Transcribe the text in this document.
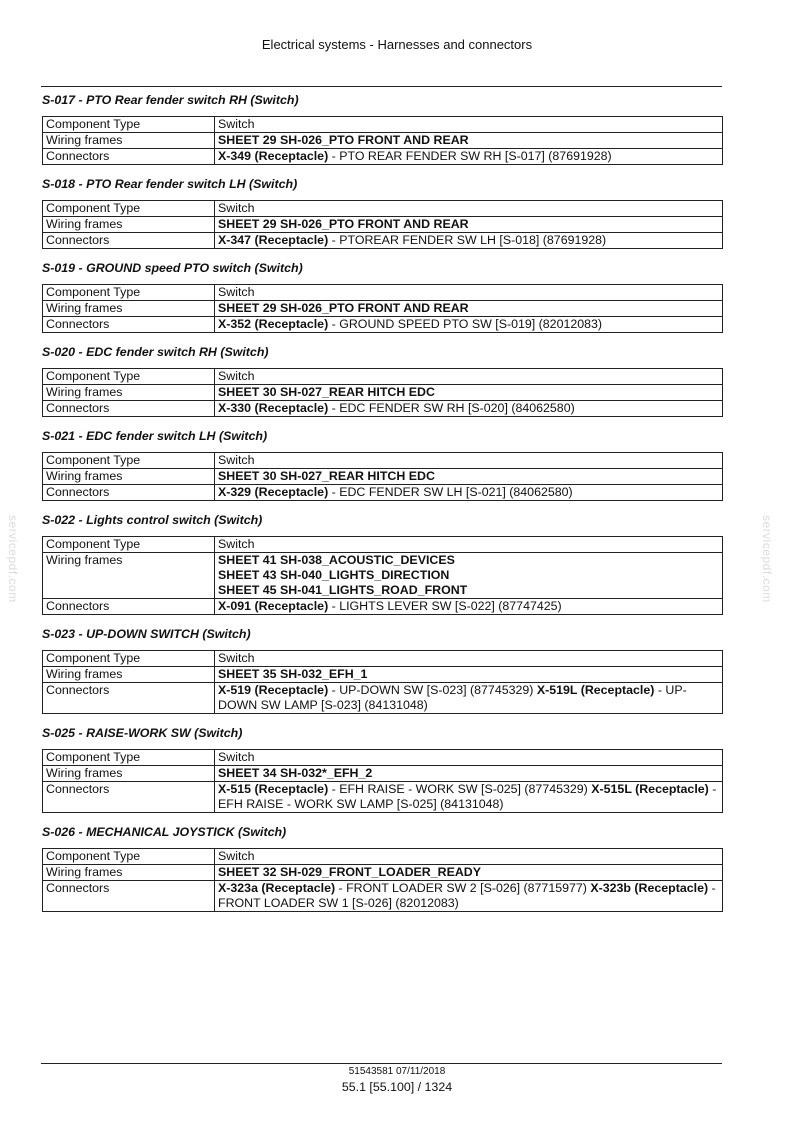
Electrical systems - Harnesses and connectors
servicepdf.com	servicepdf.com
S-017 - PTO Rear fender switch RH (Switch)
Component Type	Switch
Wiring frames	SHEET 29 SH-026_PTO FRONT AND REAR

Connectors	X-349 (Receptacle) - PTO REAR FENDER SW RH [S-017] (87691928)
S-018 - PTO Rear fender switch LH (Switch)
Component Type	Switch
Wiring frames	SHEET 29 SH-026_PTO FRONT AND REAR

Connectors	X-347 (Receptacle) - PTOREAR FENDER SW LH [S-018] (87691928)
S-019 - GROUND speed PTO switch (Switch)
Component Type	Switch
Wiring frames	SHEET 29 SH-026_PTO FRONT AND REAR

Connectors	X-352 (Receptacle) - GROUND SPEED PTO SW [S-019] (82012083)
S-020 - EDC fender switch RH (Switch)
Component Type	Switch
Wiring frames	SHEET 30 SH-027_REAR HITCH EDC

Connectors	X-330 (Receptacle) - EDC FENDER SW RH [S-020] (84062580)
S-021 - EDC fender switch LH (Switch)
Component Type	Switch
Wiring frames	SHEET 30 SH-027_REAR HITCH EDC

Connectors	X-329 (Receptacle) - EDC FENDER SW LH [S-021] (84062580)
S-022 - Lights control switch (Switch)
Component Type	Switch
Wiring frames	SHEET 41 SH-038_ACOUSTIC_DEVICES
SHEET 43 SH-040_LIGHTS_DIRECTION
SHEET 45 SH-041_LIGHTS_ROAD_FRONT

Connectors	X-091 (Receptacle) - LIGHTS LEVER SW [S-022] (87747425)
S-023 - UP-DOWN SWITCH (Switch)
Component Type	Switch
Wiring frames	SHEET 35 SH-032_EFH_1

Connectors	X-519 (Receptacle) - UP-DOWN SW [S-023] (87745329) X-519L (Receptacle) - UP-DOWN SW LAMP [S-023] (84131048)
S-025 - RAISE-WORK SW (Switch)
Component Type	Switch
Wiring frames	SHEET 34 SH-032*_EFH_2

Connectors	X-515 (Receptacle) - EFH RAISE - WORK SW [S-025] (87745329) X-515L (Receptacle) - EFH RAISE - WORK SW LAMP [S-025] (84131048)
S-026 - MECHANICAL JOYSTICK (Switch)
Component Type	Switch
Wiring frames	SHEET 32 SH-029_FRONT_LOADER_READY

Connectors	X-323a (Receptacle) - FRONT LOADER SW 2 [S-026] (87715977) X-323b (Receptacle) - FRONT LOADER SW 1 [S-026] (82012083)
51543581 07/11/2018
55.1 [55.100] / 1324
